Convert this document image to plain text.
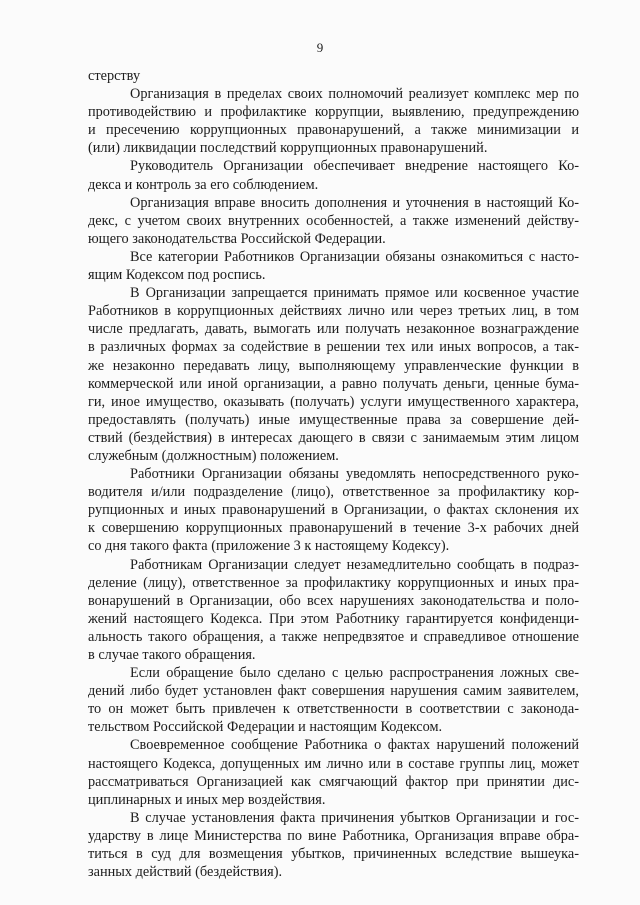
9
стерству
Организация в пределах своих полномочий реализует комплекс мер по
противодействию и профилактике коррупции, выявлению, предупреждению
и пресечению коррупционных правонарушений, а также минимизации и
(или) ликвидации последствий коррупционных правонарушений.
Руководитель Организации обеспечивает внедрение настоящего Ко-
декса и контроль за его соблюдением.
Организация вправе вносить дополнения и уточнения в настоящий Ко-
декс, с учетом своих внутренних особенностей, а также изменений действу-
ющего законодательства Российской Федерации.
Все категории Работников Организации обязаны ознакомиться с насто-
ящим Кодексом под роспись.
В Организации запрещается принимать прямое или косвенное участие
Работников в коррупционных действиях лично или через третьих лиц, в том
числе предлагать, давать, вымогать или получать незаконное вознаграждение
в различных формах за содействие в решении тех или иных вопросов, а так-
же незаконно передавать лицу, выполняющему управленческие функции в
коммерческой или иной организации, а равно получать деньги, ценные бума-
ги, иное имущество, оказывать (получать) услуги имущественного характера,
предоставлять (получать) иные имущественные права за совершение дей-
ствий (бездействия) в интересах дающего в связи с занимаемым этим лицом
служебным (должностным) положением.
Работники Организации обязаны уведомлять непосредственного руко-
водителя и/или подразделение (лицо), ответственное за профилактику кор-
рупционных и иных правонарушений в Организации, о фактах склонения их
к совершению коррупционных правонарушений в течение 3-х рабочих дней
со дня такого факта (приложение 3 к настоящему Кодексу).
Работникам Организации следует незамедлительно сообщать в подраз-
деление (лицу), ответственное за профилактику коррупционных и иных пра-
вонарушений в Организации, обо всех нарушениях законодательства и поло-
жений настоящего Кодекса. При этом Работнику гарантируется конфиденци-
альность такого обращения, а также непредвзятое и справедливое отношение
в случае такого обращения.
Если обращение было сделано с целью распространения ложных све-
дений либо будет установлен факт совершения нарушения самим заявителем,
то он может быть привлечен к ответственности в соответствии с законода-
тельством Российской Федерации и настоящим Кодексом.
Своевременное сообщение Работника о фактах нарушений положений
настоящего Кодекса, допущенных им лично или в составе группы лиц, может
рассматриваться Организацией как смягчающий фактор при принятии дис-
циплинарных и иных мер воздействия.
В случае установления факта причинения убытков Организации и гос-
ударству в лице Министерства по вине Работника, Организация вправе обра-
титься в суд для возмещения убытков, причиненных вследствие вышеука-
занных действий (бездействия).
